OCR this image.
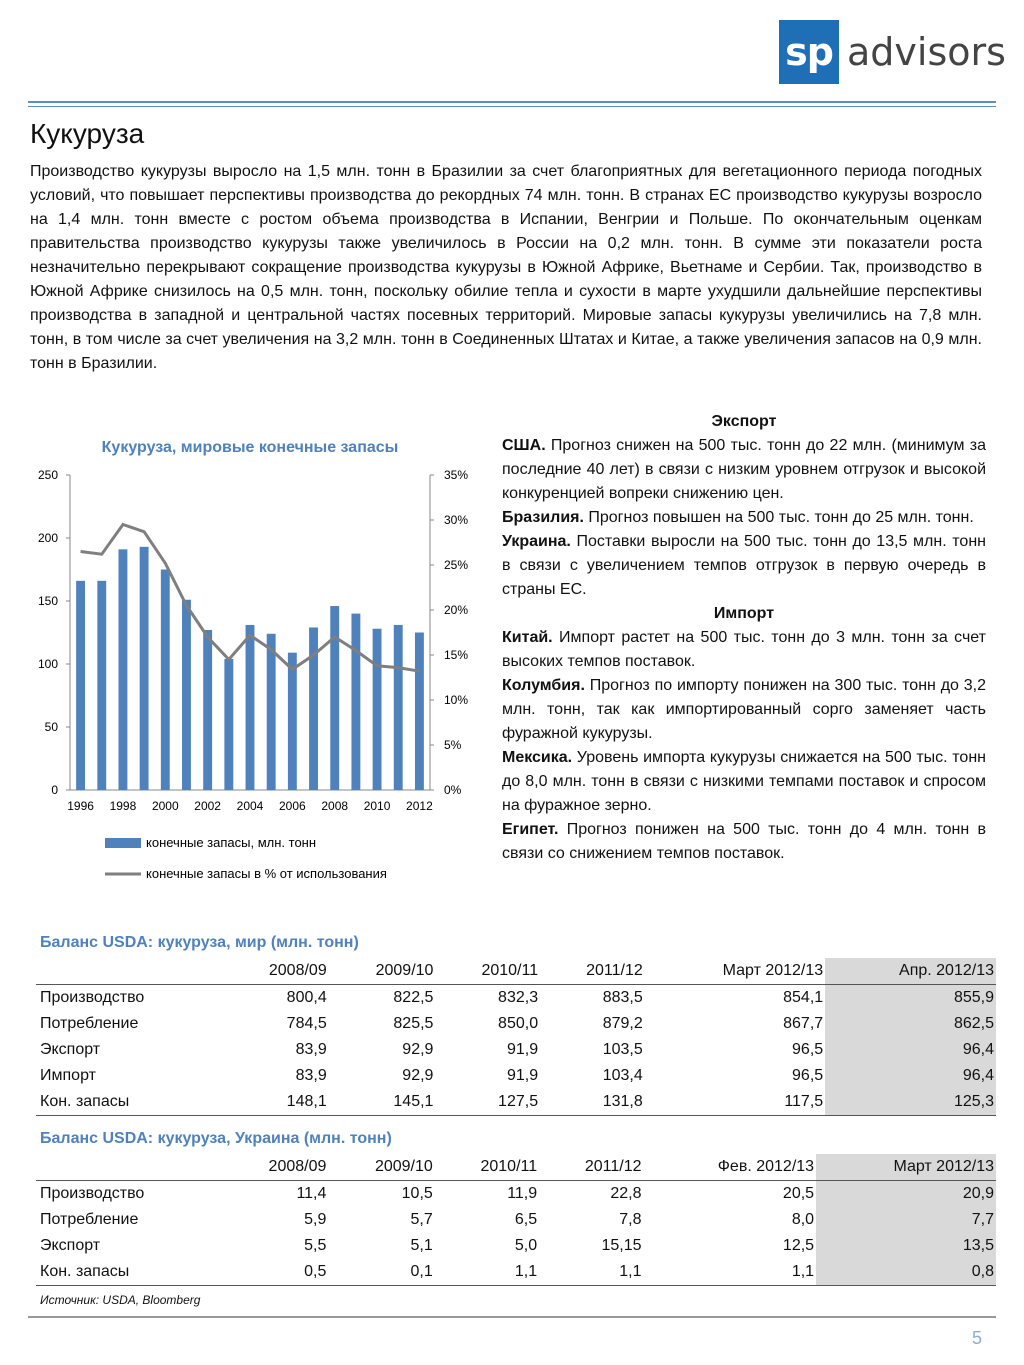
sp advisors
Кукуруза
Производство кукурузы выросло на 1,5 млн. тонн в Бразилии за счет благоприятных для вегетационного периода погодных условий, что повышает перспективы производства до рекордных 74 млн. тонн. В странах ЕС производство кукурузы возросло на 1,4 млн. тонн вместе с ростом объема производства в Испании, Венгрии и Польше. По окончательным оценкам правительства производство кукурузы также увеличилось в России на 0,2 млн. тонн. В сумме эти показатели роста незначительно перекрывают сокращение производства кукурузы в Южной Африке, Вьетнаме и Сербии. Так, производство в Южной Африке снизилось на 0,5 млн. тонн, поскольку обилие тепла и сухости в марте ухудшили дальнейшие перспективы производства в западной и центральной частях посевных территорий. Мировые запасы кукурузы увеличились на 7,8 млн. тонн, в том числе за счет увеличения на 3,2 млн. тонн в Соединенных Штатах и Китае, а также увеличения запасов на 0,9 млн. тонн в Бразилии.
Кукуруза, мировые конечные запасы
0
50
100
150
200
250
0%
5%
10%
15%
20%
25%
30%
35%
1996 1998 2000 2002 2004 2006 2008 2010 2012
конечные запасы, млн. тонн
конечные запасы в % от использования

Экспорт

США. Прогноз снижен на 500 тыс. тонн до 22 млн. (минимум за последние 40 лет) в связи с низким уровнем отгрузок и высокой конкуренцией вопреки снижению цен.

Бразилия. Прогноз повышен на 500 тыс. тонн до 25 млн. тонн.

Украина. Поставки выросли на 500 тыс. тонн до 13,5 млн. тонн в связи с увеличением темпов отгрузок в первую очередь в страны ЕС.

Импорт

Китай. Импорт растет на 500 тыс. тонн до 3 млн. тонн за счет высоких темпов поставок.

Колумбия. Прогноз по импорту понижен на 300 тыс. тонн до 3,2 млн. тонн, так как импортированный сорго заменяет часть фуражной кукурузы.

Мексика. Уровень импорта кукурузы снижается на 500 тыс. тонн до 8,0 млн. тонн в связи с низкими темпами поставок и спросом на фуражное зерно.

Египет. Прогноз понижен на 500 тыс. тонн до 4 млн. тонн в связи со снижением темпов поставок.

Баланс USDA: кукуруза, мир (млн. тонн)
	2008/09	2009/10	2010/11	2011/12	Март 2012/13	Апр. 2012/13
Производство	800,4	822,5	832,3	883,5	854,1	855,9
Потребление	784,5	825,5	850,0	879,2	867,7	862,5
Экспорт	83,9	92,9	91,9	103,5	96,5	96,4
Импорт	83,9	92,9	91,9	103,4	96,5	96,4
Кон. запасы	148,1	145,1	127,5	131,8	117,5	125,3
Баланс USDA: кукуруза, Украина (млн. тонн)
	2008/09	2009/10	2010/11	2011/12	Фев. 2012/13	Март 2012/13
Производство	11,4	10,5	11,9	22,8	20,5	20,9
Потребление	5,9	5,7	6,5	7,8	8,0	7,7
Экспорт	5,5	5,1	5,0	15,15	12,5	13,5
Кон. запасы	0,5	0,1	1,1	1,1	1,1	0,8
Источник: USDA, Bloomberg
5
